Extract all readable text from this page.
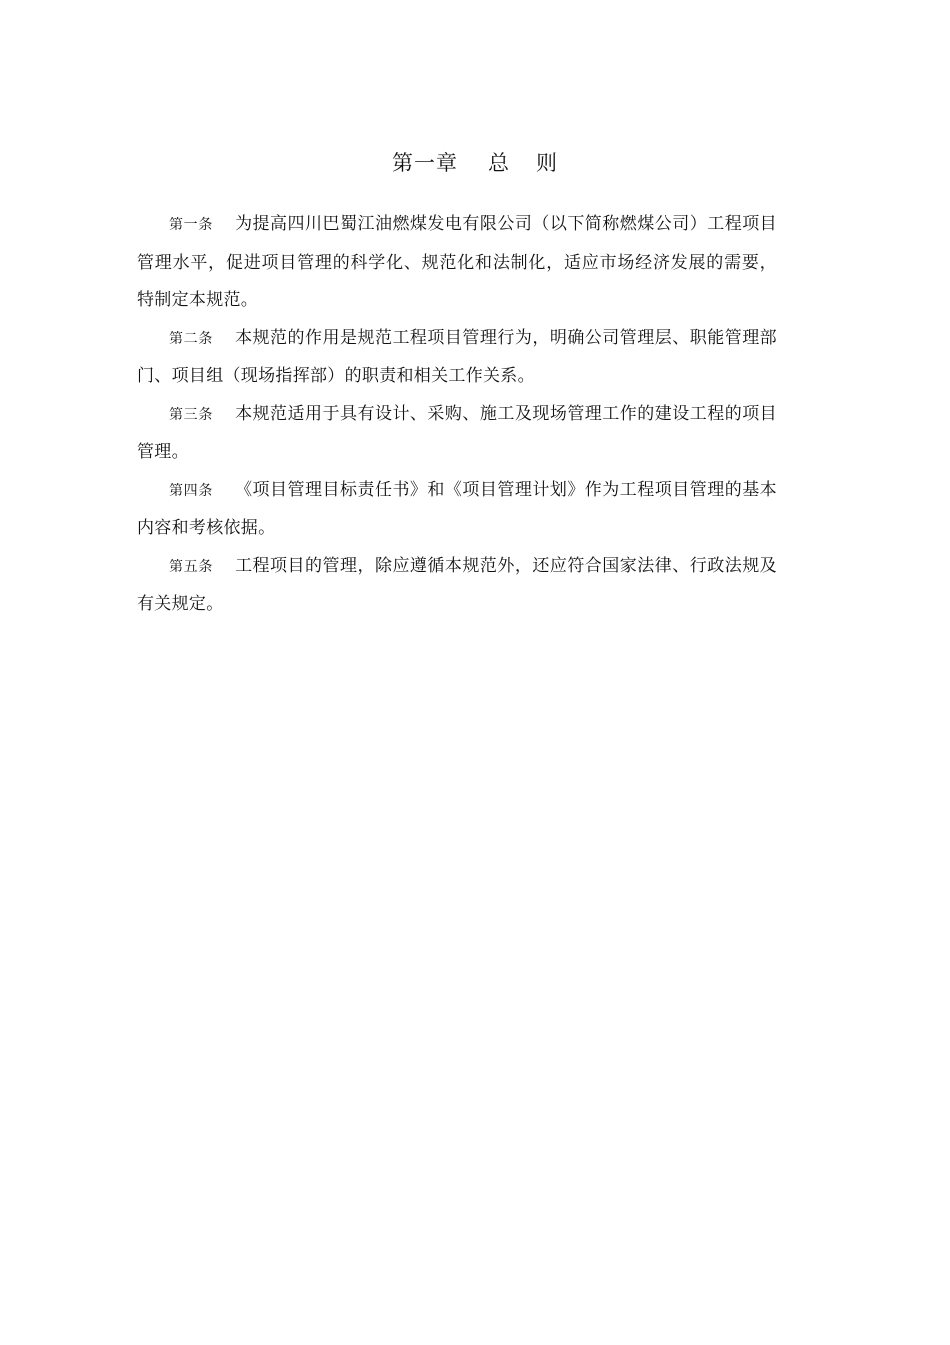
第一章 总 则

第一条 为提高四川巴蜀江油燃煤发电有限公司（以下简称燃煤公司）工程项目管理水平，促进项目管理的科学化、规范化和法制化，适应市场经济发展的需要，特制定本规范。

第二条 本规范的作用是规范工程项目管理行为，明确公司管理层、职能管理部门、项目组（现场指挥部）的职责和相关工作关系。

第三条 本规范适用于具有设计、采购、施工及现场管理工作的建设工程的项目管理。

第四条 《项目管理目标责任书》和《项目管理计划》作为工程项目管理的基本内容和考核依据。

第五条 工程项目的管理，除应遵循本规范外，还应符合国家法律、行政法规及有关规定。
